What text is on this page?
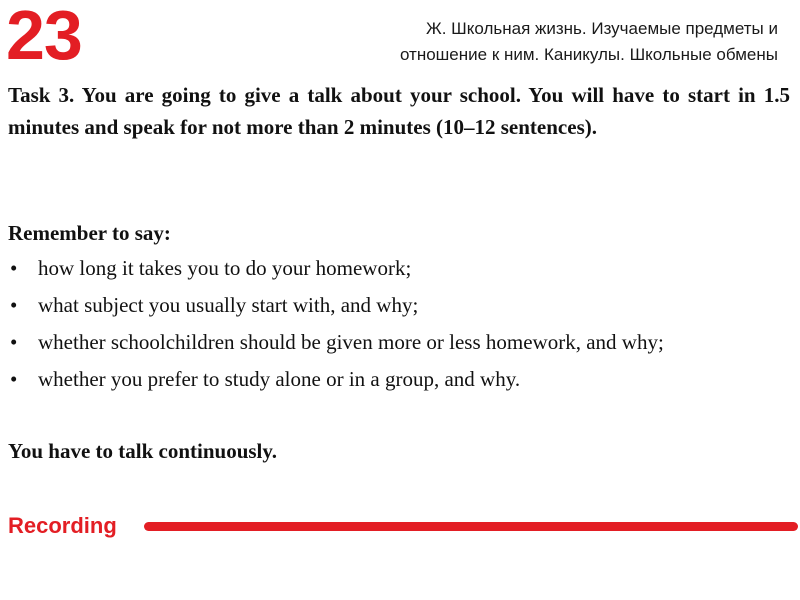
23	Ж. Школьная жизнь. Изучаемые предметы и
отношение к ним. Каникулы. Школьные обмены
Task 3. You are going to give a talk about your school. You will have to start in 1.5 minutes and speak for not more than 2 minutes (10–12 sentences).
Remember to say:
• how long it takes you to do your homework;
• what subject you usually start with, and why;
• whether schoolchildren should be given more or less homework, and why;
• whether you prefer to study alone or in a group, and why.
You have to talk continuously.
Recording
